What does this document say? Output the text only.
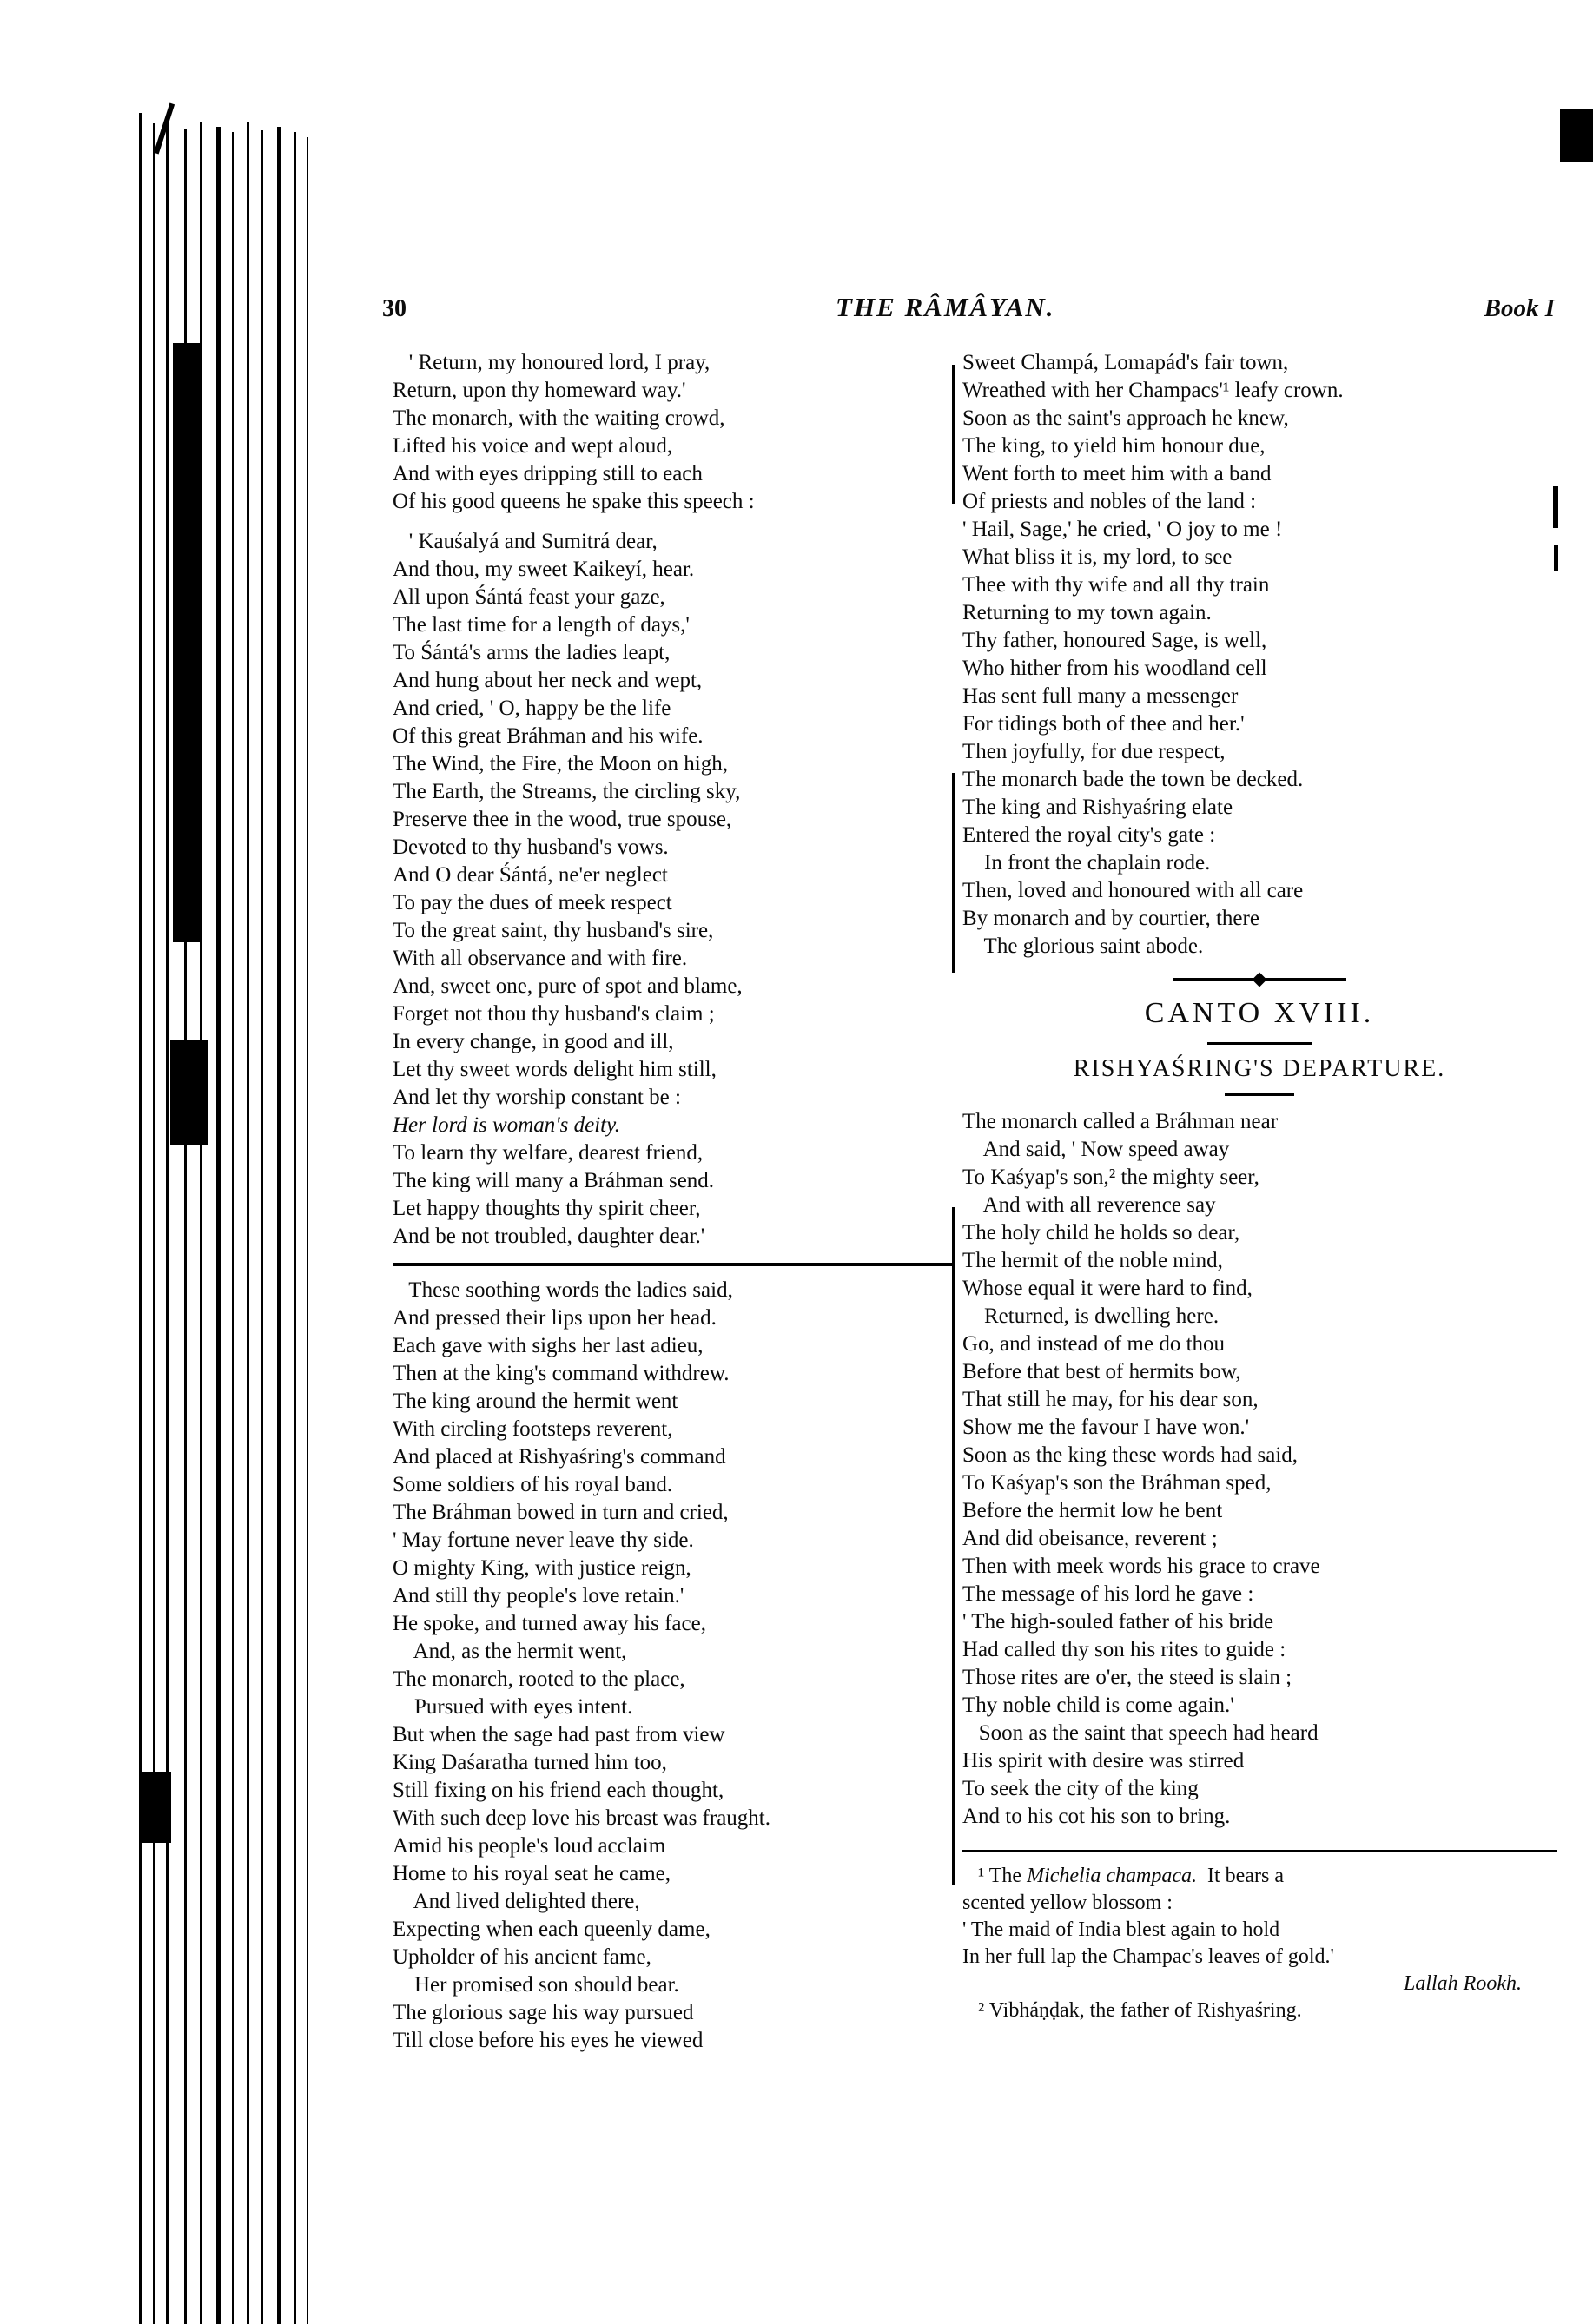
30	THE RÂMÂYAN.	Book I
' Return, my honoured lord, I pray,
Return, upon thy homeward way.'
The monarch, with the waiting crowd,
Lifted his voice and wept aloud,
And with eyes dripping still to each
Of his good queens he spake this speech :
' Kauśalyá and Sumitrá dear,
And thou, my sweet Kaikeyí, hear.
All upon Śántá feast your gaze,
The last time for a length of days,'
To Śántá's arms the ladies leapt,
And hung about her neck and wept,
And cried, ' O, happy be the life
Of this great Bráhman and his wife.
The Wind, the Fire, the Moon on high,
The Earth, the Streams, the circling sky,
Preserve thee in the wood, true spouse,
Devoted to thy husband's vows.
And O dear Śántá, ne'er neglect
To pay the dues of meek respect
To the great saint, thy husband's sire,
With all observance and with fire.
And, sweet one, pure of spot and blame,
Forget not thou thy husband's claim ;
In every change, in good and ill,
Let thy sweet words delight him still,
And let thy worship constant be :
Her lord is woman's deity.
To learn thy welfare, dearest friend,
The king will many a Bráhman send.
Let happy thoughts thy spirit cheer,
And be not troubled, daughter dear.'
These soothing words the ladies said,
And pressed their lips upon her head.
Each gave with sighs her last adieu,
Then at the king's command withdrew.
The king around the hermit went
With circling footsteps reverent,
And placed at Rishyaśring's command
Some soldiers of his royal band.
The Bráhman bowed in turn and cried,
' May fortune never leave thy side.
O mighty King, with justice reign,
And still thy people's love retain.'
He spoke, and turned away his face,
And, as the hermit went,
The monarch, rooted to the place,
Pursued with eyes intent.
But when the sage had past from view
King Daśaratha turned him too,
Still fixing on his friend each thought,
With such deep love his breast was fraught.
Amid his people's loud acclaim
Home to his royal seat he came,
And lived delighted there,
Expecting when each queenly dame,
Upholder of his ancient fame,
Her promised son should bear.
The glorious sage his way pursued
Till close before his eyes he viewed
Sweet Champá, Lomapád's fair town,
Wreathed with her Champacs'¹ leafy crown.
Soon as the saint's approach he knew,
The king, to yield him honour due,
Went forth to meet him with a band
Of priests and nobles of the land :
' Hail, Sage,' he cried, ' O joy to me !
What bliss it is, my lord, to see
Thee with thy wife and all thy train
Returning to my town again.
Thy father, honoured Sage, is well,
Who hither from his woodland cell
Has sent full many a messenger
For tidings both of thee and her.'
Then joyfully, for due respect,
The monarch bade the town be decked.
The king and Rishyaśring elate
Entered the royal city's gate :
In front the chaplain rode.
Then, loved and honoured with all care
By monarch and by courtier, there
The glorious saint abode.
CANTO XVIII.
RISHYAŚRING'S DEPARTURE.
The monarch called a Bráhman near
And said, ' Now speed away
To Kaśyap's son,² the mighty seer,
And with all reverence say
The holy child he holds so dear,
The hermit of the noble mind,
Whose equal it were hard to find,
Returned, is dwelling here.
Go, and instead of me do thou
Before that best of hermits bow,
That still he may, for his dear son,
Show me the favour I have won.'
Soon as the king these words had said,
To Kaśyap's son the Bráhman sped,
Before the hermit low he bent
And did obeisance, reverent ;
Then with meek words his grace to crave
The message of his lord he gave :
' The high-souled father of his bride
Had called thy son his rites to guide :
Those rites are o'er, the steed is slain ;
Thy noble child is come again.'
Soon as the saint that speech had heard
His spirit with desire was stirred
To seek the city of the king
And to his cot his son to bring.
¹ The Michelia champaca.  It bears a
scented yellow blossom :
' The maid of India blest again to hold
In her full lap the Champac's leaves of gold.'
Lallah Rookh.
² Vibháṇḍak, the father of Rishyaśring.
